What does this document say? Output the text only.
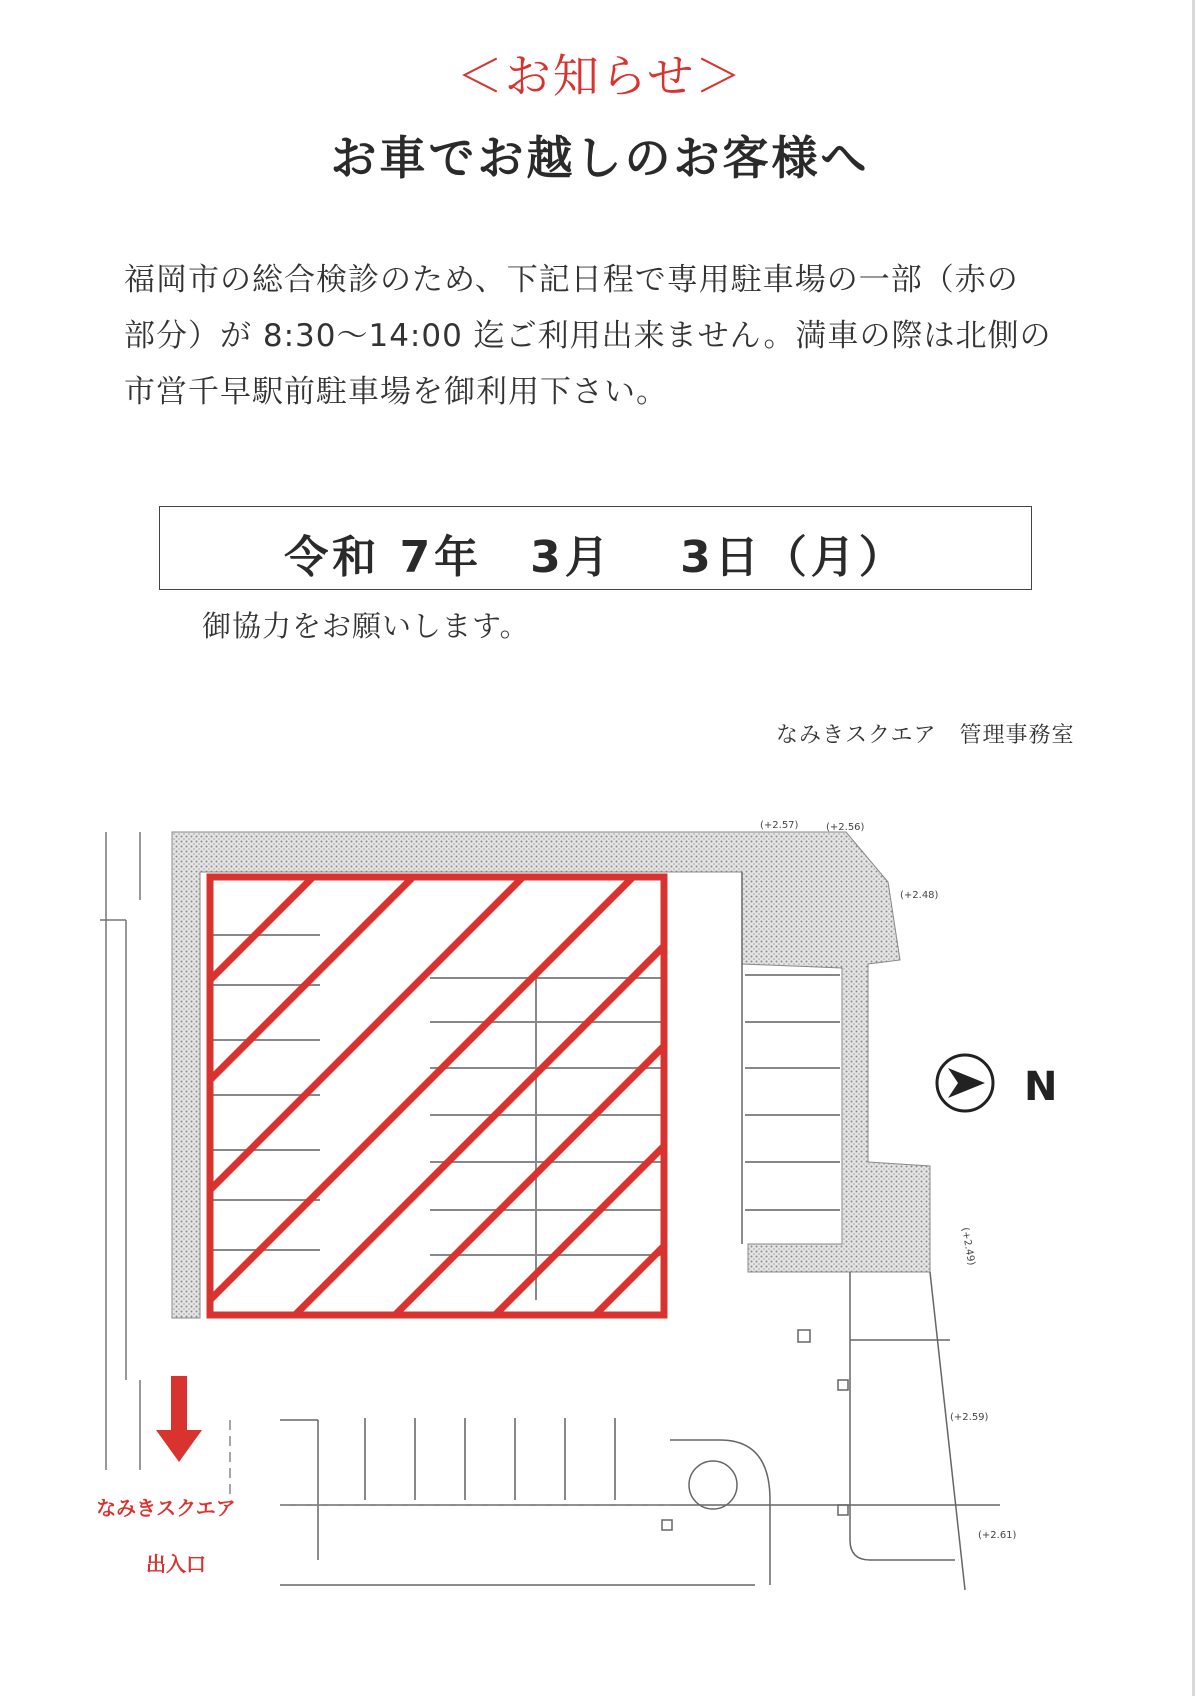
＜お知らせ＞
お車でお越しのお客様へ
福岡市の総合検診のため、下記日程で専用駐車場の一部（赤の
部分）が 8:30〜14:00 迄ご利用出来ません。満車の際は北側の
市営千早駅前駐車場を御利用下さい。
令和 7年　3月　 3日（月）
御協力をお願いします。
なみきスクエア　管理事務室
(+2.57)	(+2.56)
(+2.48)
(+2.49)
(+2.59)
(+2.61)
N
なみきスクエア
出入口
